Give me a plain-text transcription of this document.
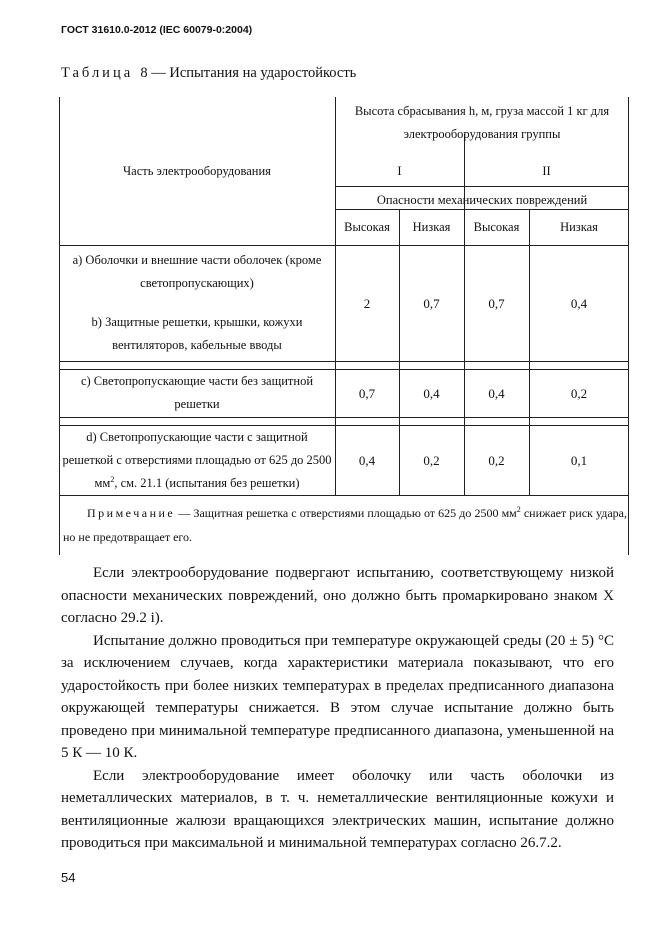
ГОСТ 31610.0-2012 (IEC 60079-0:2004)
Таблица 8 — Испытания на ударостойкость
Часть электрооборудования
Высота сбрасывания h, м, груза массой 1 кг для
электрооборудования группы
I	II
Опасности механических повреждений
Высокая	Низкая	Высокая	Низкая
а) Оболочки и внешние части оболочек (кроме светопропускающих)
b) Защитные решетки, крышки, кожухи вентиляторов, кабельные вводы
2	0,7	0,7	0,4
с) Светопропускающие части без защитной решетки
0,7	0,4	0,4	0,2
d) Светопропускающие части с защитной решеткой с отверстиями площадью от 625 до 2500 $мм^2$, см. 21.1 (испытания без решетки)
0,4	0,2	0,2	0,1
Примечание — Защитная решетка с отверстиями площадью от 625 до 2500 $мм^2$ снижает риск удара, но не предотвращает его.

Если электрооборудование подвергают испытанию, соответствующему низкой опасности механических повреждений, оно должно быть промаркировано знаком X согласно 29.2 i).

Испытание должно проводиться при температуре окружающей среды (20 ± 5) °С за исключением случаев, когда характеристики материала показывают, что его ударостойкость при более низких температурах в пределах предписанного диапазона окружающей температуры снижается. В этом случае испытание должно быть проведено при минимальной температуре предписанного диапазона, уменьшенной на 5 К — 10 К.

Если электрооборудование имеет оболочку или часть оболочки из неметаллических материалов, в т. ч. неметаллические вентиляционные кожухи и вентиляционные жалюзи вращающихся электрических машин, испытание должно проводиться при максимальной и минимальной температурах согласно 26.7.2.

54
